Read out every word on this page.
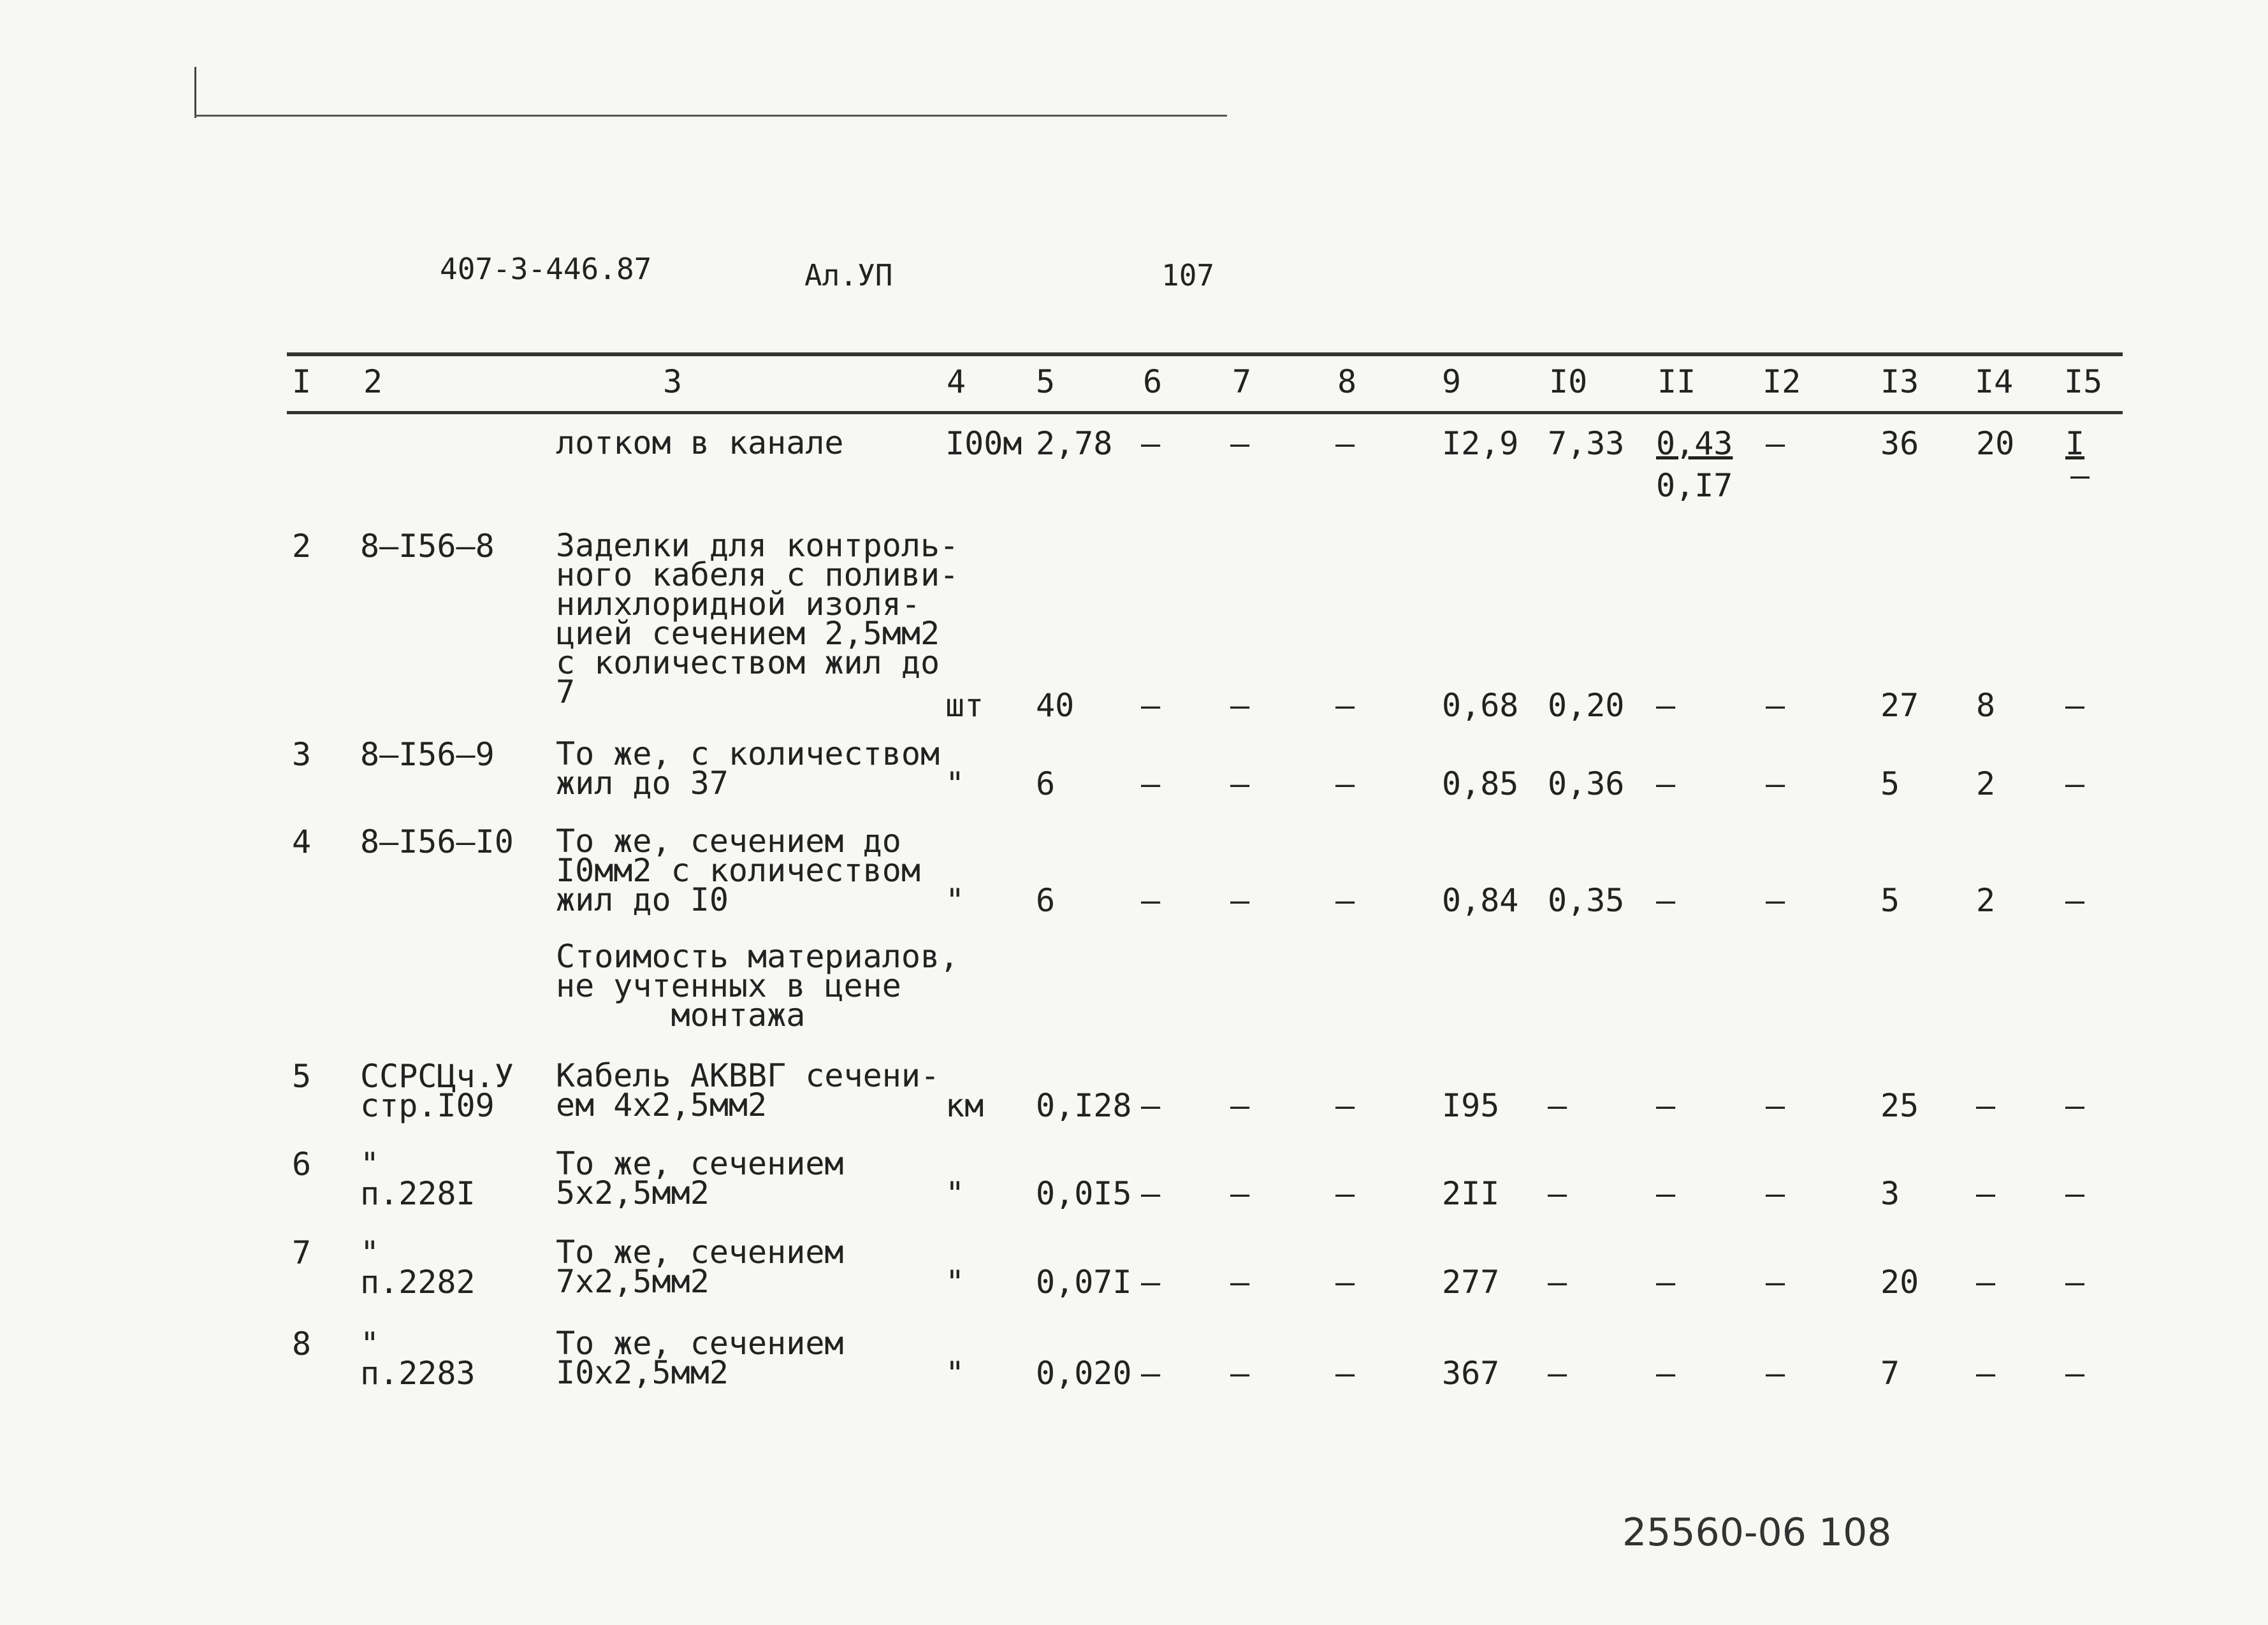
407-3-446.87	Ал.УП	107
I 2	3	4 5	6 7	8	9	I0 II I2 I3 I4 I5
лотком в канале	I00м 2,78 – –	–	I2,9 7,33 0,43 –	36 20 I
0,I7	–
2 8–I56–8 Заделки для контроль-
ного кабеля с поливи-
нилхлоридной изоля-
цией сечением 2,5мм2
с количеством жил до
7	шт 40 – –	–	0,68 0,20 –	–	27 8 –
3 8–I56–9 То же, с количеством
жил до 37	" 6	– –	–	0,85 0,36 –	–	5 2 –
4 8–I56–I0 То же, сечением до
I0мм2 с количеством
жил до I0	" 6	– –	–	0,84 0,35 –	–	5 2 –
Стоимость материалов,
не учтенных в цене
монтажа
5 ССРСЦч.У
стр.I09
Кабель АКВВГ сечени-
ем 4х2,5мм2	км 0,I28 – –	–	I95 –	–	–	25 – –
6 "
п.228I
То же, сечением
5х2,5мм2	" 0,0I5 – –	–	2II –	–	–	3 – –
7 "
п.2282
То же, сечением
7х2,5мм2	" 0,07I – –	–	277 –	–	–	20 – –
8 "
п.2283
То же, сечением
I0х2,5мм2	" 0,020 – –	–	367 –	–	–	7 – –
25560-06 108
